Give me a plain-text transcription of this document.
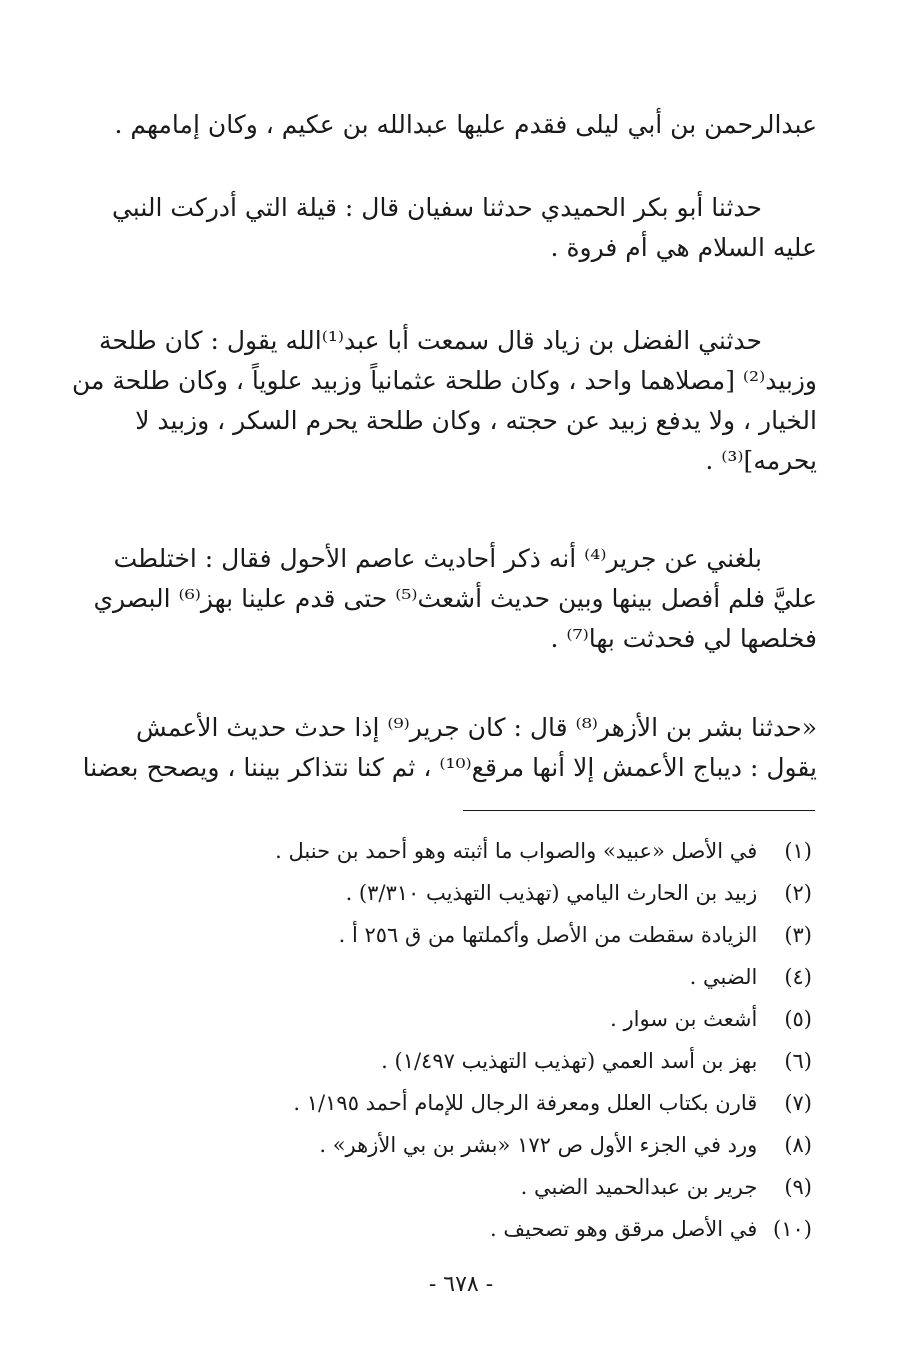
عبدالرحمن بن أبي ليلى فقدم عليها عبدالله بن عكيم ، وكان إمامهم .
حدثنا أبو بكر الحميدي حدثنا سفيان قال : قيلة التي أدركت النبي
عليه السلام هي أم فروة .
حدثني الفضل بن زياد قال سمعت أبا عبد⁽¹⁾الله يقول : كان طلحة
وزبيد⁽²⁾ [مصلاهما واحد ، وكان طلحة عثمانياً وزبيد علوياً ، وكان طلحة من
الخيار ، ولا يدفع زبيد عن حجته ، وكان طلحة يحرم السكر ، وزبيد لا
يحرمه]⁽³⁾ .
بلغني عن جرير⁽⁴⁾ أنه ذكر أحاديث عاصم الأحول فقال : اختلطت
عليَّ فلم أفصل بينها وبين حديث أشعث⁽⁵⁾ حتى قدم علينا بهز⁽⁶⁾ البصري
فخلصها لي فحدثت بها⁽⁷⁾ .
«حدثنا بشر بن الأزهر⁽⁸⁾ قال : كان جرير⁽⁹⁾ إذا حدث حديث الأعمش
يقول : ديباج الأعمش إلا أنها مرقع⁽¹⁰⁾ ، ثم كنا نتذاكر بيننا ، ويصحح بعضنا
(١) في الأصل «عبيد» والصواب ما أثبته وهو أحمد بن حنبل .
(٢) زبيد بن الحارث اليامي (تهذيب التهذيب ٣/٣١٠) .
(٣) الزيادة سقطت من الأصل وأكملتها من ق ٢٥٦ أ .
(٤) الضبي .
(٥) أشعث بن سوار .
(٦) بهز بن أسد العمي (تهذيب التهذيب ١/٤٩٧) .
(٧) قارن بكتاب العلل ومعرفة الرجال للإمام أحمد ١/١٩٥ .
(٨) ورد في الجزء الأول ص ١٧٢ «بشر بن بي الأزهر» .
(٩) جرير بن عبدالحميد الضبي .
(١٠) في الأصل مرقق وهو تصحيف .
- ٦٧٨ -
